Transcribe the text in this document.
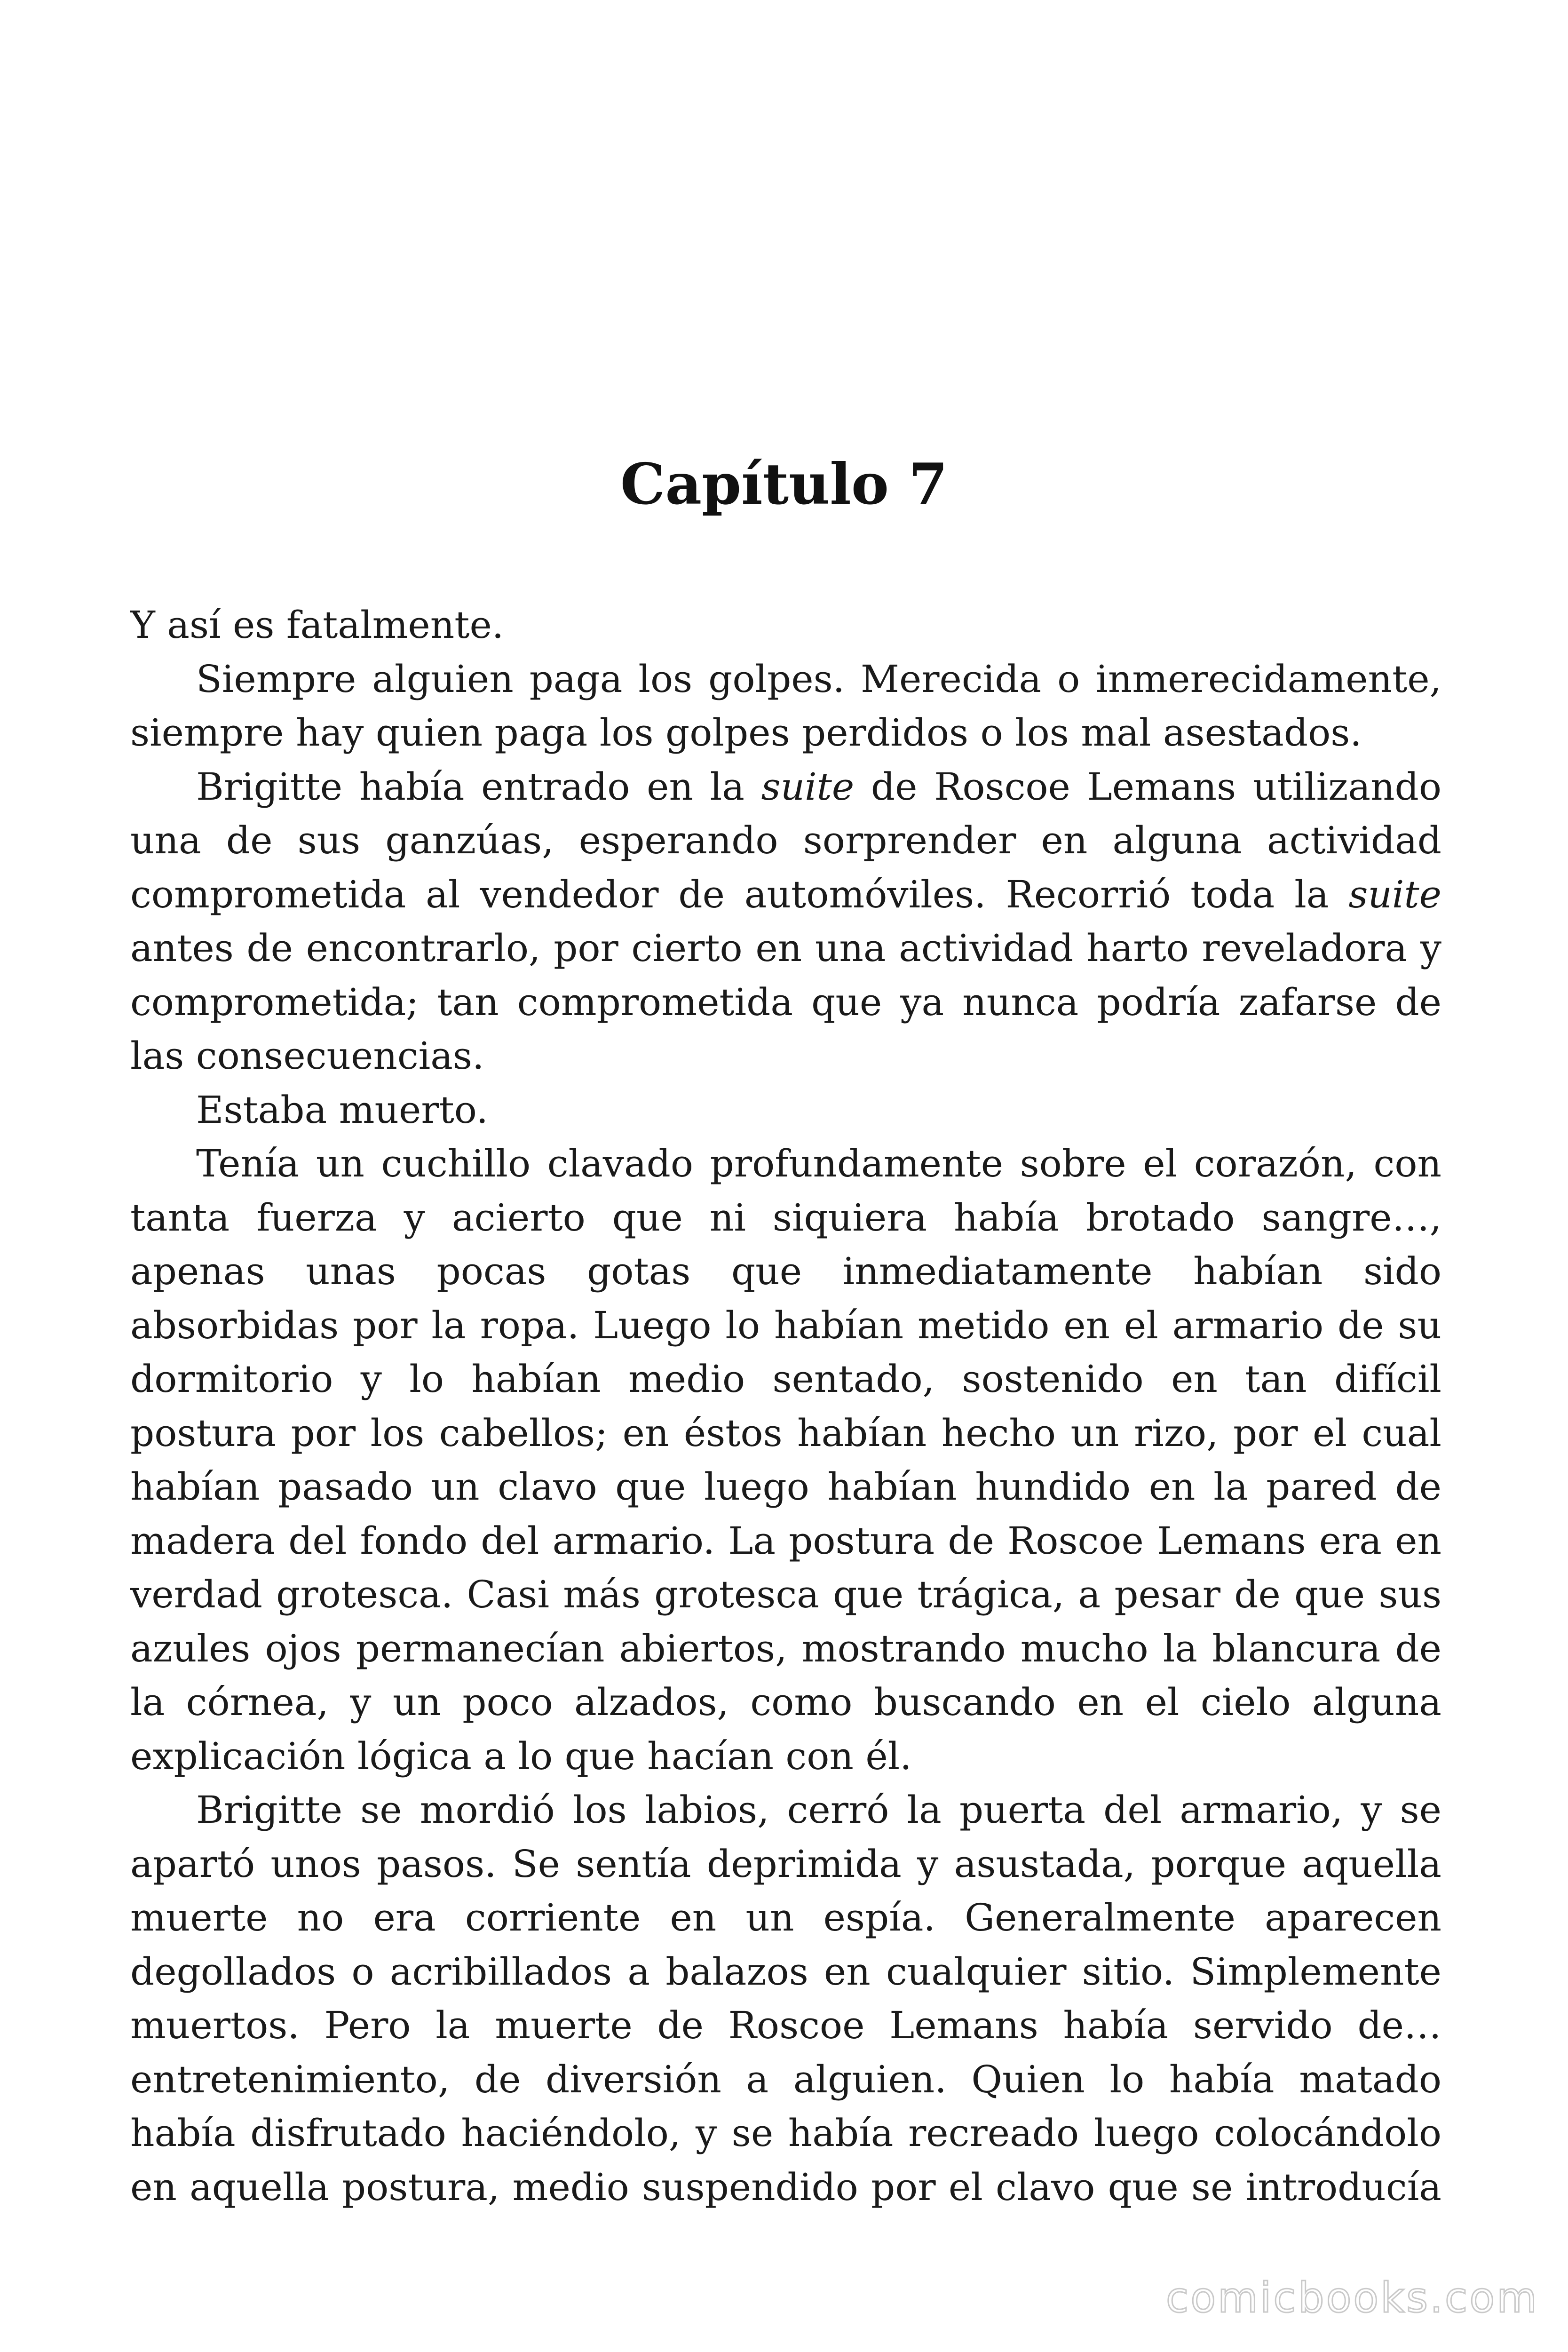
Capítulo 7

Y así es fatalmente.

Siempre alguien paga los golpes. Merecida o inmerecidamente, siempre hay quien paga los golpes perdidos o los mal asestados.

Brigitte había entrado en la suite de Roscoe Lemans utilizando una de sus ganzúas, esperando sorprender en alguna actividad comprometida al vendedor de automóviles. Recorrió toda la suite antes de encontrarlo, por cierto en una actividad harto reveladora y comprometida; tan comprometida que ya nunca podría zafarse de las consecuencias.

Estaba muerto.

Tenía un cuchillo clavado profundamente sobre el corazón, con tanta fuerza y acierto que ni siquiera había brotado sangre…, apenas unas pocas gotas que inmediatamente habían sido absorbidas por la ropa. Luego lo habían metido en el armario de su dormitorio y lo habían medio sentado, sostenido en tan difícil postura por los cabellos; en éstos habían hecho un rizo, por el cual habían pasado un clavo que luego habían hundido en la pared de madera del fondo del armario. La postura de Roscoe Lemans era en verdad grotesca. Casi más grotesca que trágica, a pesar de que sus azules ojos permanecían abiertos, mostrando mucho la blancura de la córnea, y un poco alzados, como buscando en el cielo alguna explicación lógica a lo que hacían con él.

Brigitte se mordió los labios, cerró la puerta del armario, y se apartó unos pasos. Se sentía deprimida y asustada, porque aquella muerte no era corriente en un espía. Generalmente aparecen degollados o acribillados a balazos en cualquier sitio. Simplemente muertos. Pero la muerte de Roscoe Lemans había servido de… entretenimiento, de diversión a alguien. Quien lo había matado había disfrutado haciéndolo, y se había recreado luego colocándolo en aquella postura, medio suspendido por el clavo que se introducía

comicbooks.com
